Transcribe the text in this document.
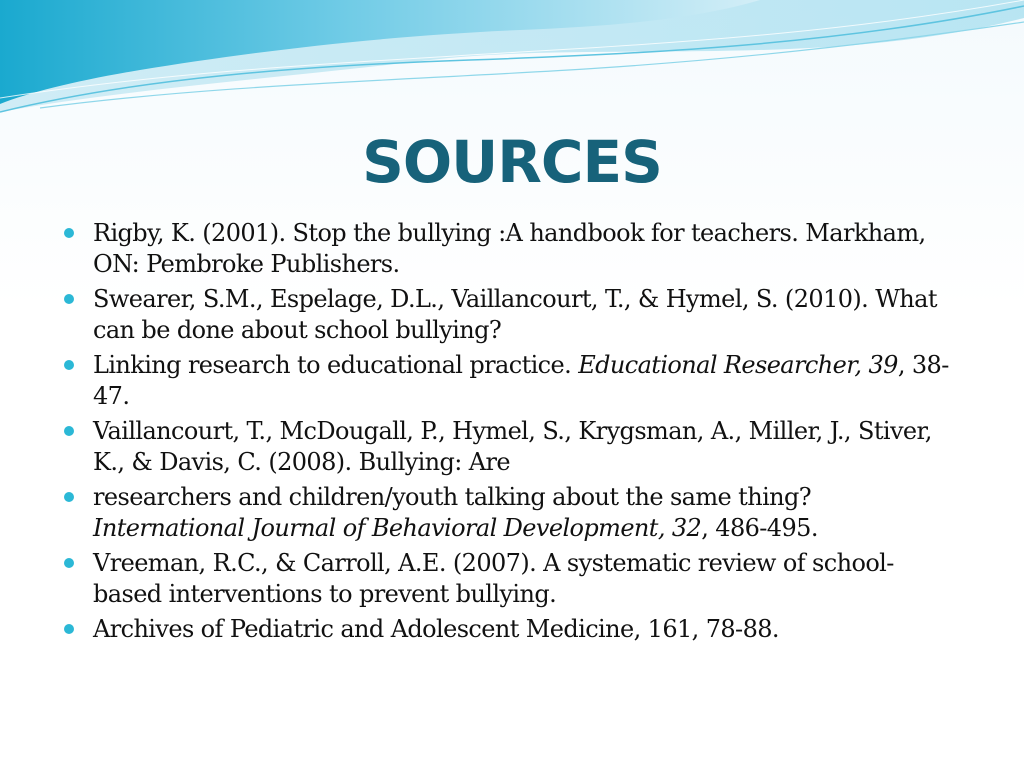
SOURCES
Rigby, K. (2001). Stop the bullying :A handbook for teachers. Markham, ON: Pembroke Publishers.
Swearer, S.M., Espelage, D.L., Vaillancourt, T., & Hymel, S. (2010). What can be done about school bullying?
Linking research to educational practice. Educational Researcher, 39, 38-47.
Vaillancourt, T., McDougall, P., Hymel, S., Krygsman, A., Miller, J., Stiver, K., & Davis, C. (2008). Bullying: Are
researchers and children/youth talking about the same thing? International Journal of Behavioral Development, 32, 486-495.
Vreeman, R.C., & Carroll, A.E. (2007). A systematic review of school-based interventions to prevent bullying.
Archives of Pediatric and Adolescent Medicine, 161, 78-88.
